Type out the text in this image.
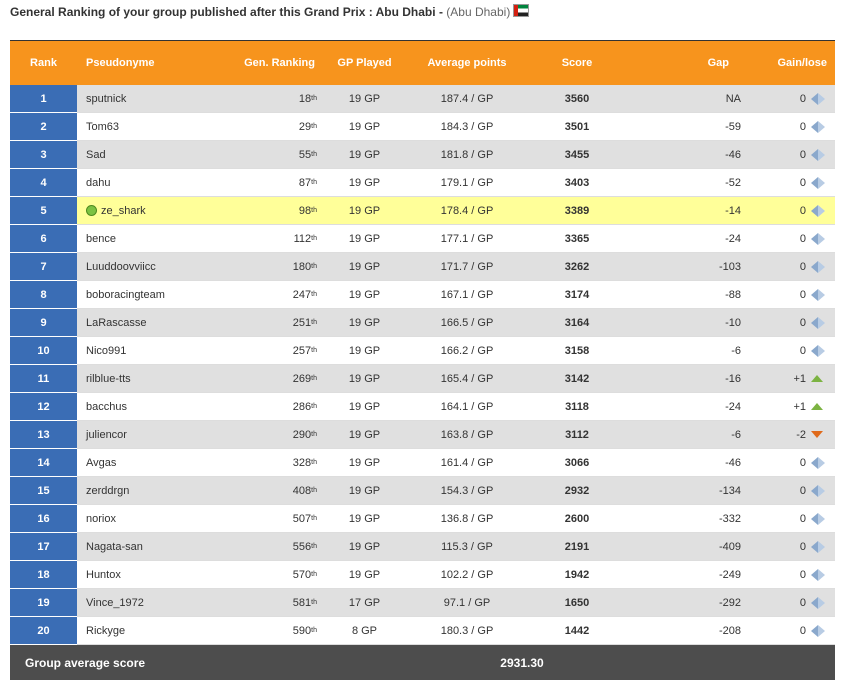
General Ranking of your group published after this Grand Prix : Abu Dhabi - (Abu Dhabi)
Rank	Pseudonyme	Gen. Ranking	GP Played	Average points	Score	Gap	Gain/lose
1	sputnick	18 th	19 GP	187.4 / GP	3560	NA	0
2	Tom63	29 th	19 GP	184.3 / GP	3501	-59	0
3	Sad	55 th	19 GP	181.8 / GP	3455	-46	0
4	dahu	87 th	19 GP	179.1 / GP	3403	-52	0
5	ze_shark	98 th	19 GP	178.4 / GP	3389	-14	0
6	bence	112 th	19 GP	177.1 / GP	3365	-24	0
7	Luuddoovviicc	180 th	19 GP	171.7 / GP	3262	-103	0
8	boboracingteam	247 th	19 GP	167.1 / GP	3174	-88	0
9	LaRascasse	251 th	19 GP	166.5 / GP	3164	-10	0
10	Nico991	257 th	19 GP	166.2 / GP	3158	-6	0
11	rilblue-tts	269 th	19 GP	165.4 / GP	3142	-16	+1
12	bacchus	286 th	19 GP	164.1 / GP	3118	-24	+1
13	juliencor	290 th	19 GP	163.8 / GP	3112	-6	-2
14	Avgas	328 th	19 GP	161.4 / GP	3066	-46	0
15	zerddrgn	408 th	19 GP	154.3 / GP	2932	-134	0
16	noriox	507 th	19 GP	136.8 / GP	2600	-332	0
17	Nagata-san	556 th	19 GP	115.3 / GP	2191	-409	0
18	Huntox	570 th	19 GP	102.2 / GP	1942	-249	0
19	Vince_1972	581 th	17 GP	97.1 / GP	1650	-292	0
20	Rickyge	590 th	8 GP	180.3 / GP	1442	-208	0
Group average score	2931.30
